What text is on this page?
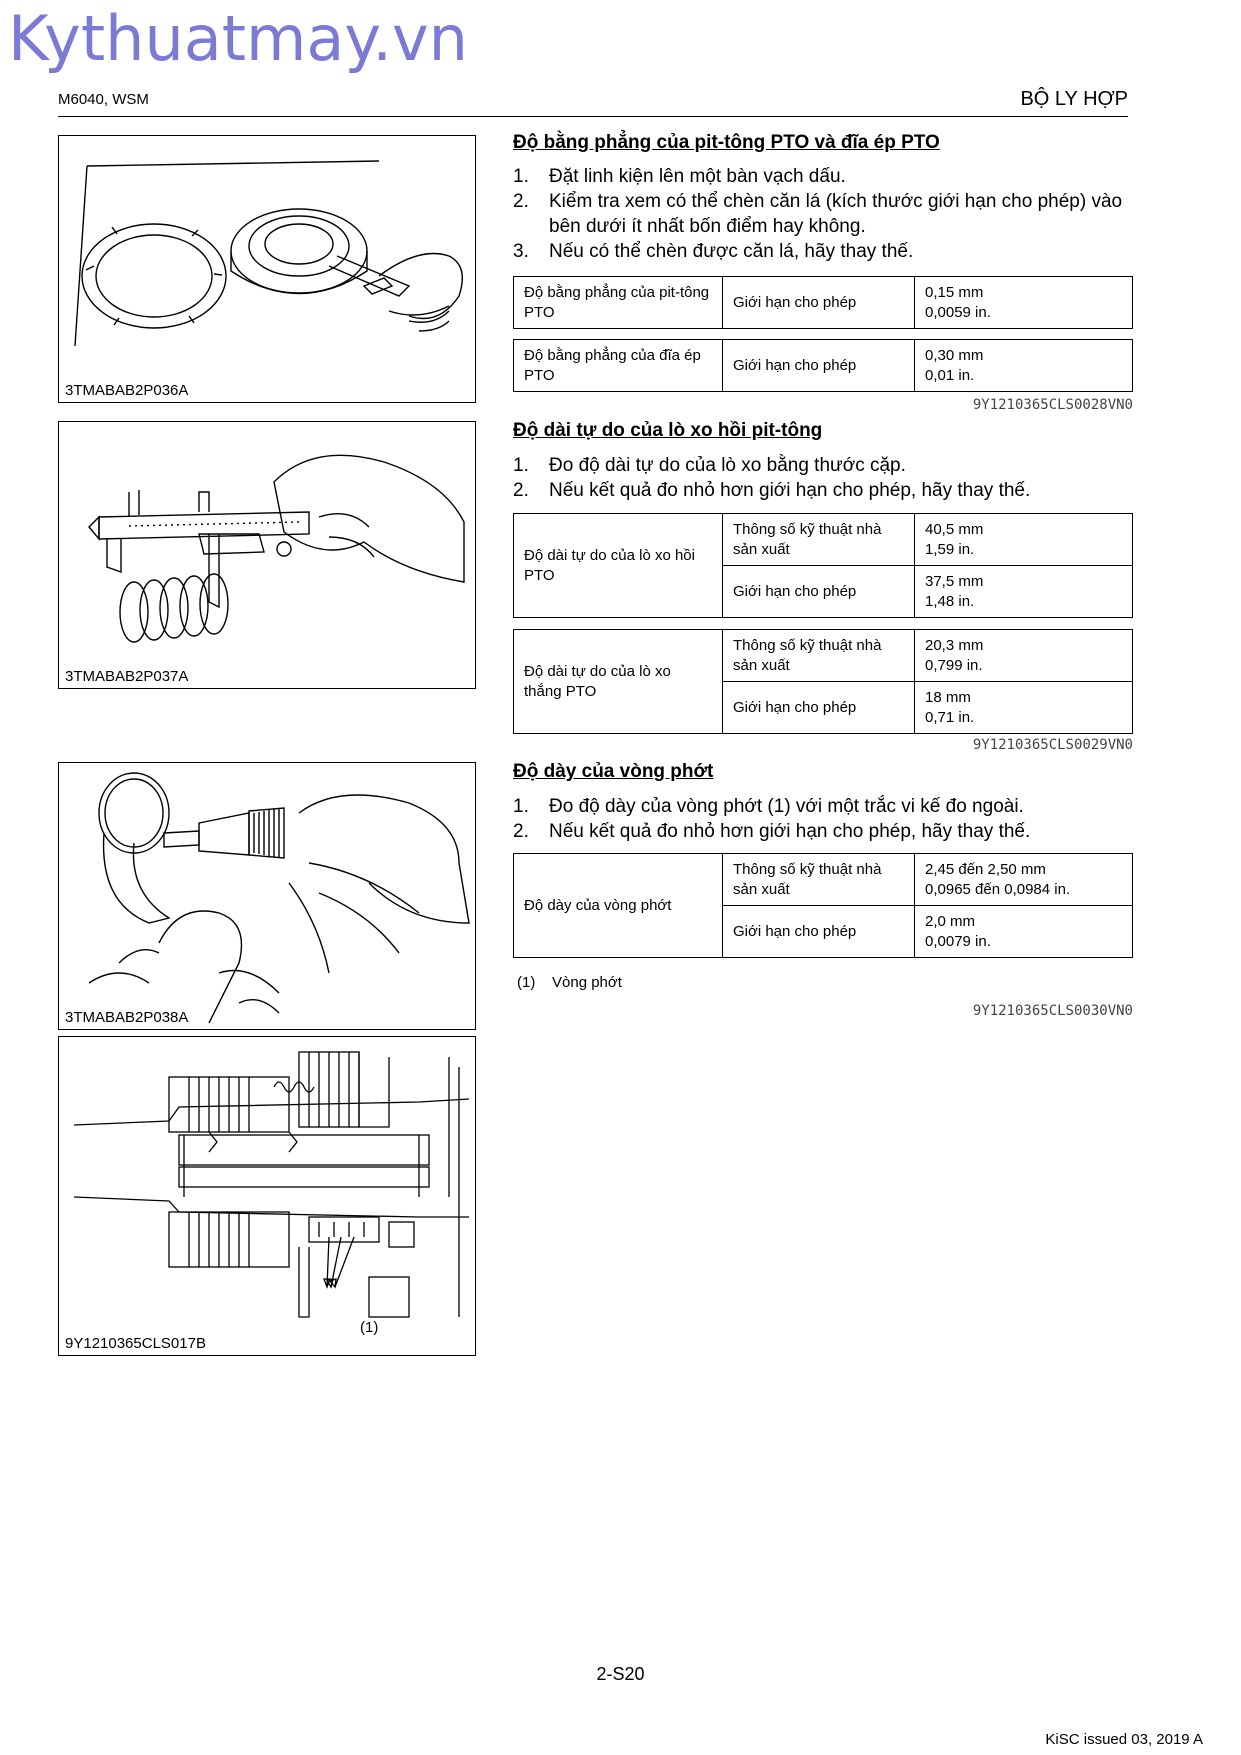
Kythuatmay.vn
M6040, WSM	BỘ LY HỢP
3TMABAB2P036A
3TMABAB2P037A
3TMABAB2P038A
9Y1210365CLS017B
(1)
Độ bằng phẳng của pit-tông PTO và đĩa ép PTO
1. Đặt linh kiện lên một bàn vạch dấu.
2. Kiểm tra xem có thể chèn căn lá (kích thước giới hạn cho phép) vào bên dưới ít nhất bốn điểm hay không.
3. Nếu có thể chèn được căn lá, hãy thay thế.
Độ bằng phẳng của pit-tông PTO	Giới hạn cho phép	0,15 mm
0,0059 in.
Độ bằng phẳng của đĩa ép PTO	Giới hạn cho phép	0,30 mm
0,01 in.
9Y1210365CLS0028VN0
Độ dài tự do của lò xo hồi pit-tông
1. Đo độ dài tự do của lò xo bằng thước cặp.
2. Nếu kết quả đo nhỏ hơn giới hạn cho phép, hãy thay thế.
Độ dài tự do của lò xo hồi PTO	Thông số kỹ thuật nhà sản xuất	40,5 mm
1,59 in.
	Giới hạn cho phép	37,5 mm
1,48 in.
Độ dài tự do của lò xo thắng PTO	Thông số kỹ thuật nhà sản xuất	20,3 mm
0,799 in.
	Giới hạn cho phép	18 mm
0,71 in.
9Y1210365CLS0029VN0
Độ dày của vòng phớt
1. Đo độ dày của vòng phớt (1) với một trắc vi kế đo ngoài.
2. Nếu kết quả đo nhỏ hơn giới hạn cho phép, hãy thay thế.
Độ dày của vòng phớt	Thông số kỹ thuật nhà sản xuất	2,45 đến 2,50 mm
0,0965 đến 0,0984 in.
	Giới hạn cho phép	2,0 mm
0,0079 in.
(1) Vòng phớt
9Y1210365CLS0030VN0
2-S20
KiSC issued 03, 2019 A
